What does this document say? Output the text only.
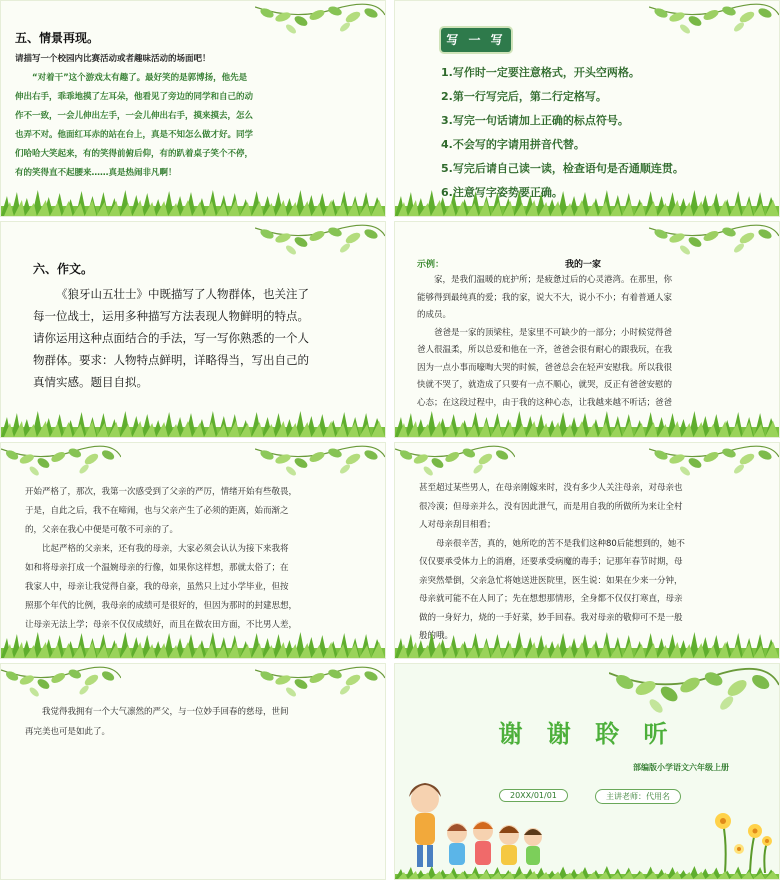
五、情景再现。
请描写一个校园内比赛活动或者趣味活动的场面吧！
“对着干”这个游戏太有趣了。最好笑的是郭博扬，他先是
伸出右手，乖乖地摸了左耳朵，他看见了旁边的同学和自己的动
作不一致，一会儿伸出左手，一会儿伸出右手，摸来摸去，怎么
也弄不对。他面红耳赤的站在台上，真是不知怎么做才好。同学
们哈哈大笑起来，有的笑得前俯后仰，有的趴着桌子笑个不停，
有的笑得直不起腰来……真是热闹非凡啊！
写 一 写
1.写作时一定要注意格式，开头空两格。
2.第一行写完后，第二行定格写。
3.写完一句话请加上正确的标点符号。
4.不会写的字请用拼音代替。
5.写完后请自己读一读，检查语句是否通顺连贯。
6.注意写字姿势要正确。
六、作文。
《狼牙山五壮士》中既描写了人物群体，也关注了
每一位战士，运用多种描写方法表现人物鲜明的特点。
请你运用这种点面结合的手法，写一写你熟悉的一个人
物群体。要求：人物特点鲜明，详略得当，写出自己的
真情实感。题目自拟。
示例：	我的一家
家，是我们温暖的庇护所；是疲惫过后的心灵港湾。在那里，你
能够得到最纯真的爱；我的家，说大不大，说小不小；有着普通人家
的成员。
爸爸是一家的顶梁柱，是家里不可缺少的一部分；小时候觉得爸
爸人很温柔，所以总爱和他在一齐，爸爸会很有耐心的跟我玩，在我
因为一点小事而嚎啕大哭的时候，爸爸总会在轻声安慰我。所以我很
快就不哭了，就造成了只要有一点不顺心，就哭，反正有爸爸安慰的
心态；在这段过程中，由于我的这种心态，让我越来越不听话；爸爸
开始严格了，那次，我第一次感受到了父亲的严厉，情绪开始有些敬畏，
于是，自此之后，我不在啼闹，也与父亲产生了必须的距离，始而渐之
的，父亲在我心中便是可敬不可亲的了。
比起严格的父亲来，还有我的母亲，大家必须会认认为接下来我将
如和将母亲打成一个温婉母亲的行像，如果你这样想，那就太俗了；在
我家人中，母亲让我觉得自豪，我的母亲，虽然只上过小学毕业，但按
照那个年代的比例，我母亲的成绩可是很好的，但因为那时的封建思想，
让母亲无法上学；母亲不仅仅成绩好，而且在做农田方面，不比男人差，
甚至超过某些男人，在母亲刚嫁来时，没有多少人关注母亲，对母亲也
很冷漠；但母亲并么，没有因此泄气，而是用自我的所做所为来让全村
人对母亲刮目相看；
母亲很辛苦，真的，她所吃的苦不是我们这种80后能想到的，她不
仅仅要承受体力上的消磨，还要承受病魔的毒手；记那年春节时期，母
亲突然晕倒，父亲急忙将她送进医院里，医生说：如果在少来一分钟，
母亲就可能不在人间了；先在想想那情形，全身都不仅仅打寒直，母亲
做的一身好力，烧的一手好菜，妙手回春。我对母亲的敬仰可不是一般
般的哦。
我觉得我拥有一个大气凛然的严父，与一位妙手回春的慈母，世间
再完美也可是如此了。	谢 谢 聆 听
部编版小学语文六年级上册
20XX/01/01	主讲老师：代用名
